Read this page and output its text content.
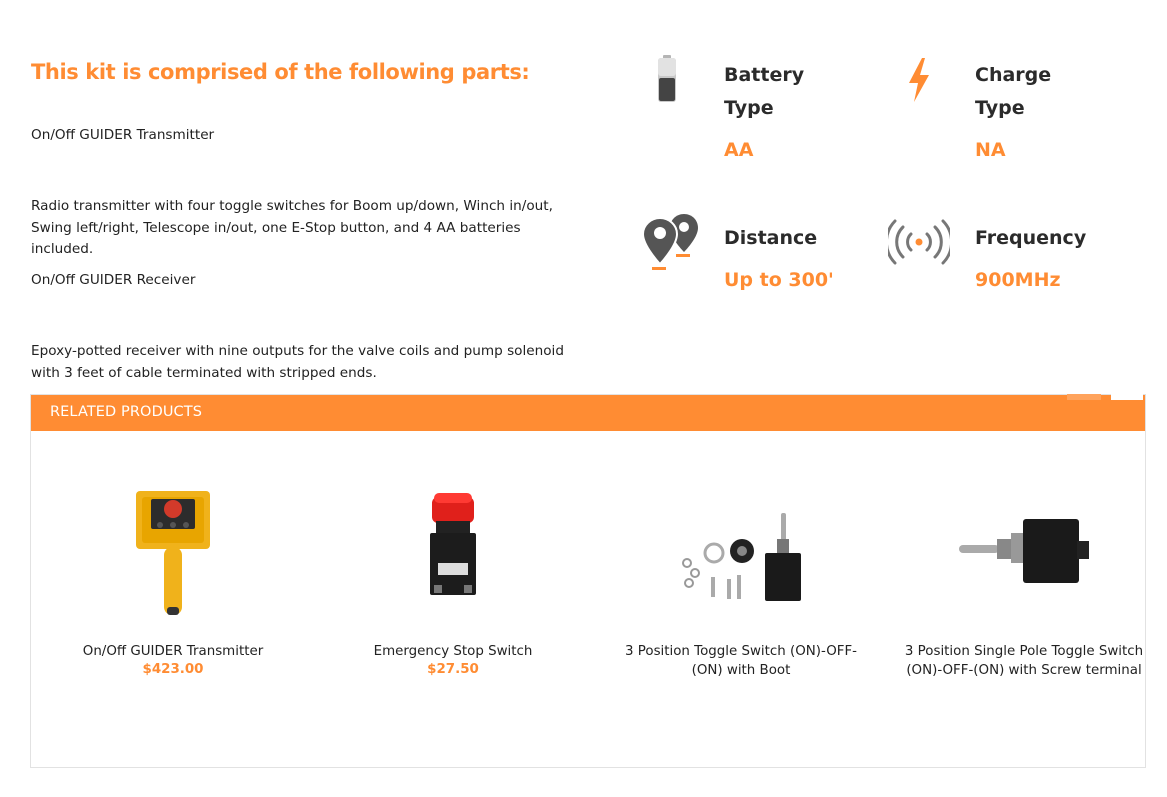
This kit is comprised of the following parts:

On/Off GUIDER Transmitter

Radio transmitter with four toggle switches for Boom up/down, Winch in/out, Swing left/right, Telescope in/out, one E-Stop button, and 4 AA batteries included.

On/Off GUIDER Receiver

Epoxy-potted receiver with nine outputs for the valve coils and pump solenoid with 3 feet of cable terminated with stripped ends.

Battery
Type
AA
Charge
Type
NA
Distance
Up to 300'
Frequency
900MHz
RELATED PRODUCTS
On/Off GUIDER Transmitter
$423.00
Emergency Stop Switch
$27.50
3 Position Toggle Switch (ON)-OFF-(ON) with Boot
3 Position Single Pole Toggle Switch (ON)-OFF-(ON) with Screw terminal
